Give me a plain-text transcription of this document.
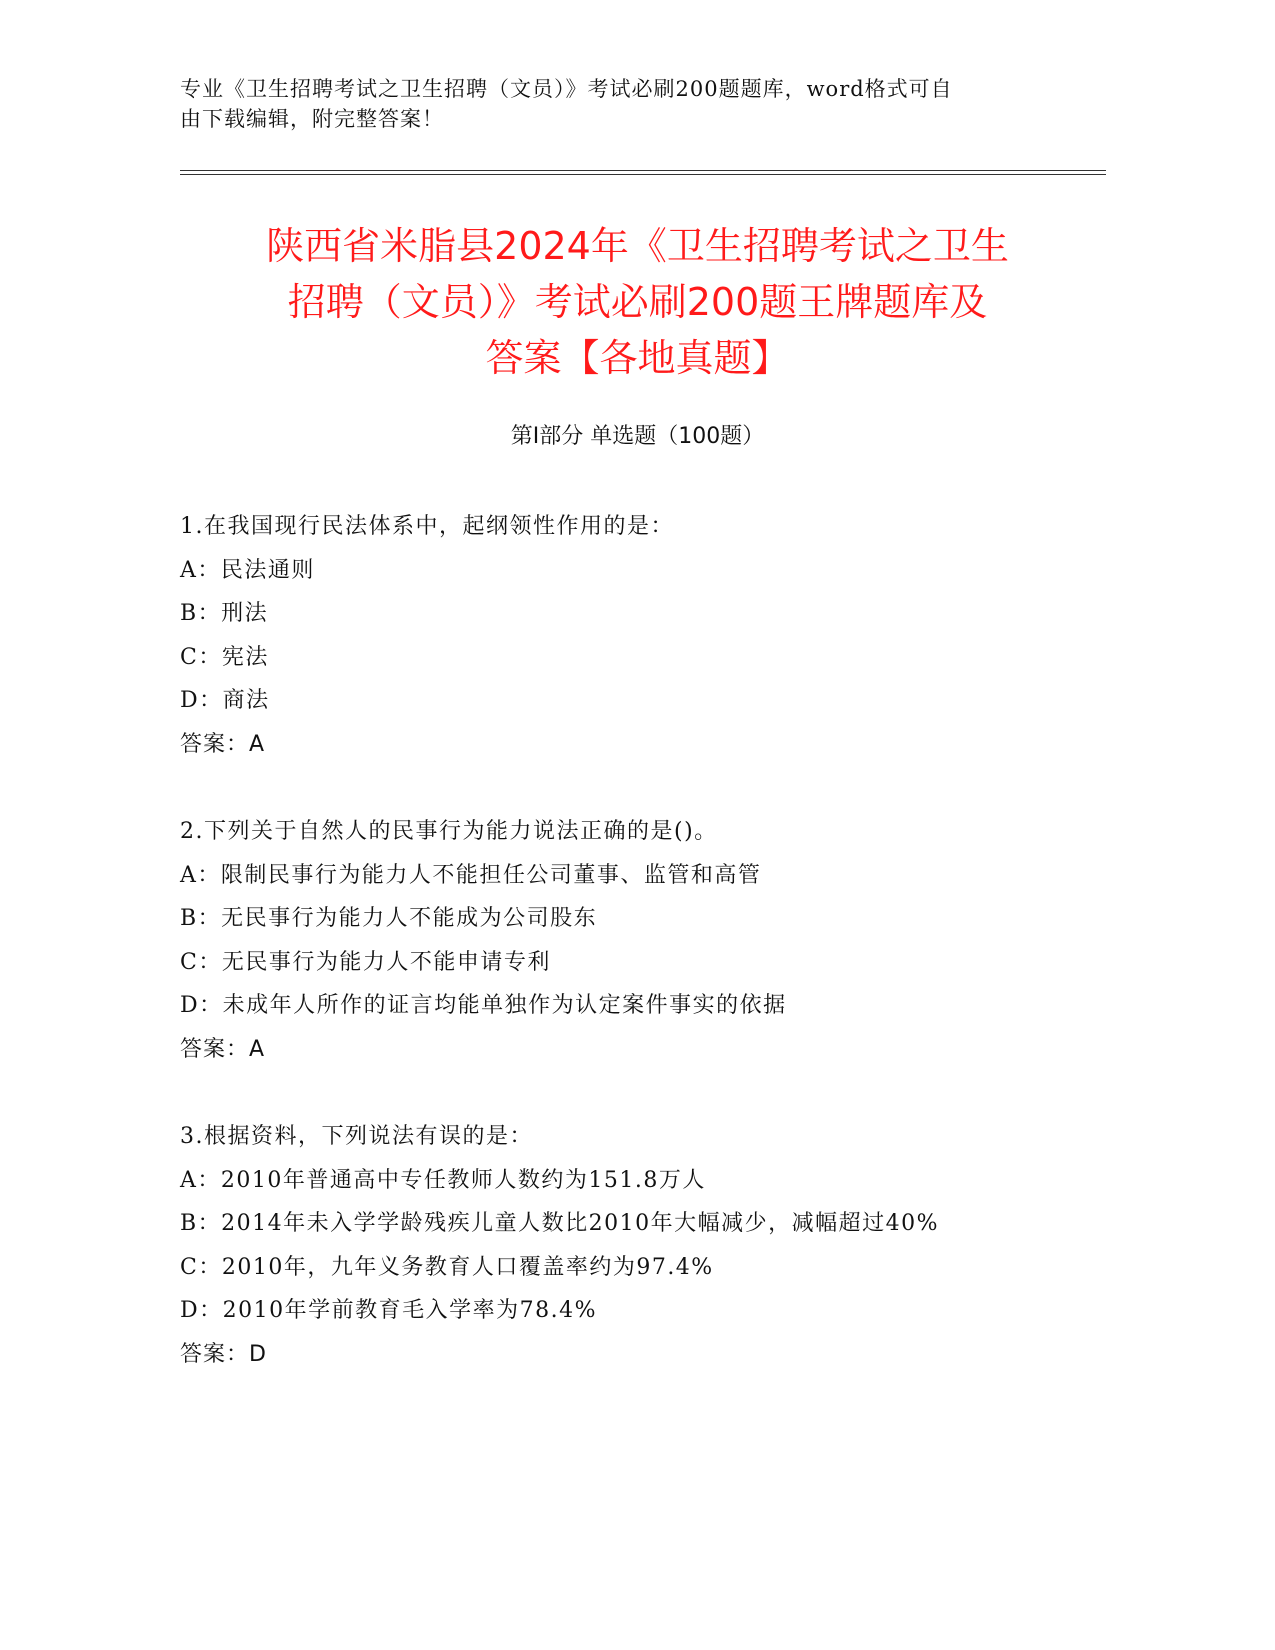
专业《卫生招聘考试之卫生招聘（文员）》考试必刷200题题库，word格式可自
由下载编辑，附完整答案！
陕西省米脂县2024年《卫生招聘考试之卫生
招聘（文员）》考试必刷200题王牌题库及
答案【各地真题】
第Ⅰ部分 单选题（100题）
1.在我国现行民法体系中，起纲领性作用的是：
A：民法通则
B：刑法
C：宪法
D：商法
答案：A
2.下列关于自然人的民事行为能力说法正确的是()。
A：限制民事行为能力人不能担任公司董事、监管和高管
B：无民事行为能力人不能成为公司股东
C：无民事行为能力人不能申请专利
D：未成年人所作的证言均能单独作为认定案件事实的依据
答案：A
3.根据资料，下列说法有误的是：
A：2010年普通高中专任教师人数约为151.8万人
B：2014年未入学学龄残疾儿童人数比2010年大幅减少，减幅超过40%
C：2010年，九年义务教育人口覆盖率约为97.4%
D：2010年学前教育毛入学率为78.4%
答案：D
